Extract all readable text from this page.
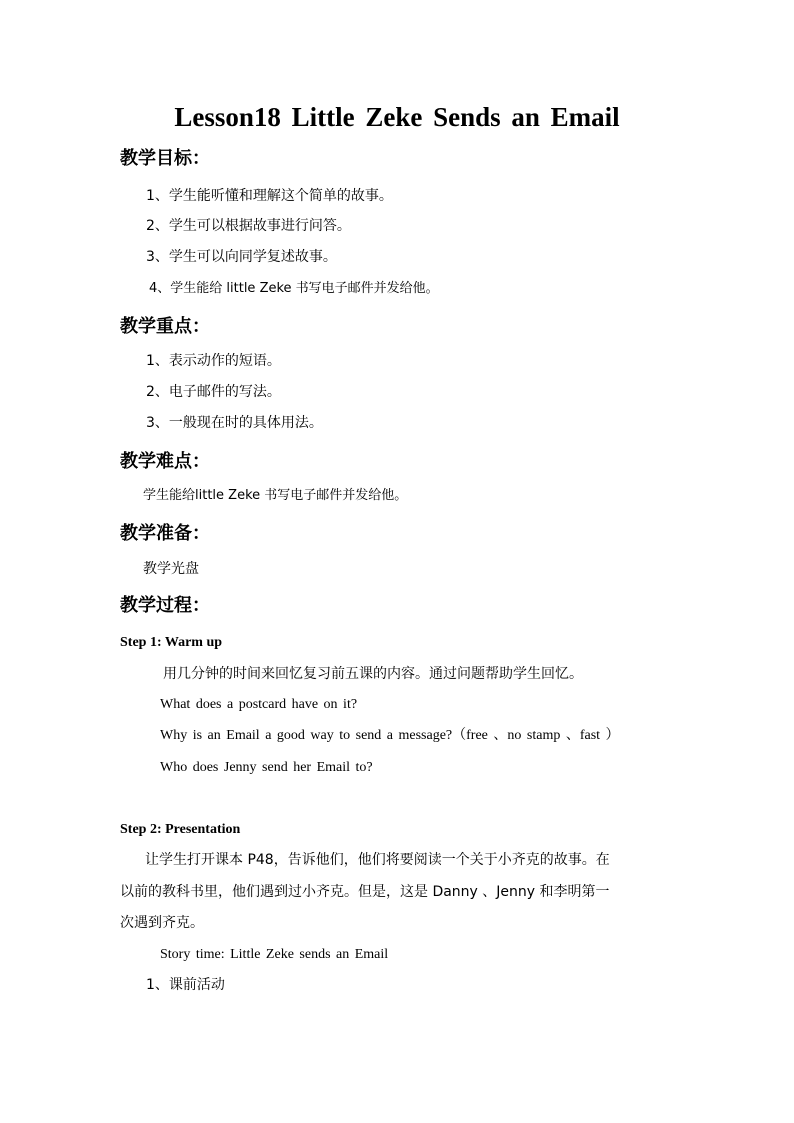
Lesson18 Little Zeke Sends an Email
教学目标：
1、学生能听懂和理解这个简单的故事。
2、学生可以根据故事进行问答。
3、学生可以向同学复述故事。
4、学生能给 little Zeke 书写电子邮件并发给他。
教学重点：
1、表示动作的短语。
2、电子邮件的写法。
3、一般现在时的具体用法。
教学难点：
学生能给little Zeke 书写电子邮件并发给他。
教学准备：
教学光盘
教学过程：
Step 1: Warm up
用几分钟的时间来回忆复习前五课的内容。通过问题帮助学生回忆。
What does a postcard have on it?
Why is an Email a good way to send a message?（free 、no stamp 、fast ）
Who does Jenny send her Email to?
Step 2: Presentation
让学生打开课本 P48，告诉他们，他们将要阅读一个关于小齐克的故事。在
以前的教科书里，他们遇到过小齐克。但是，这是 Danny 、Jenny 和李明第一
次遇到齐克。
Story time: Little Zeke sends an Email
1、课前活动
